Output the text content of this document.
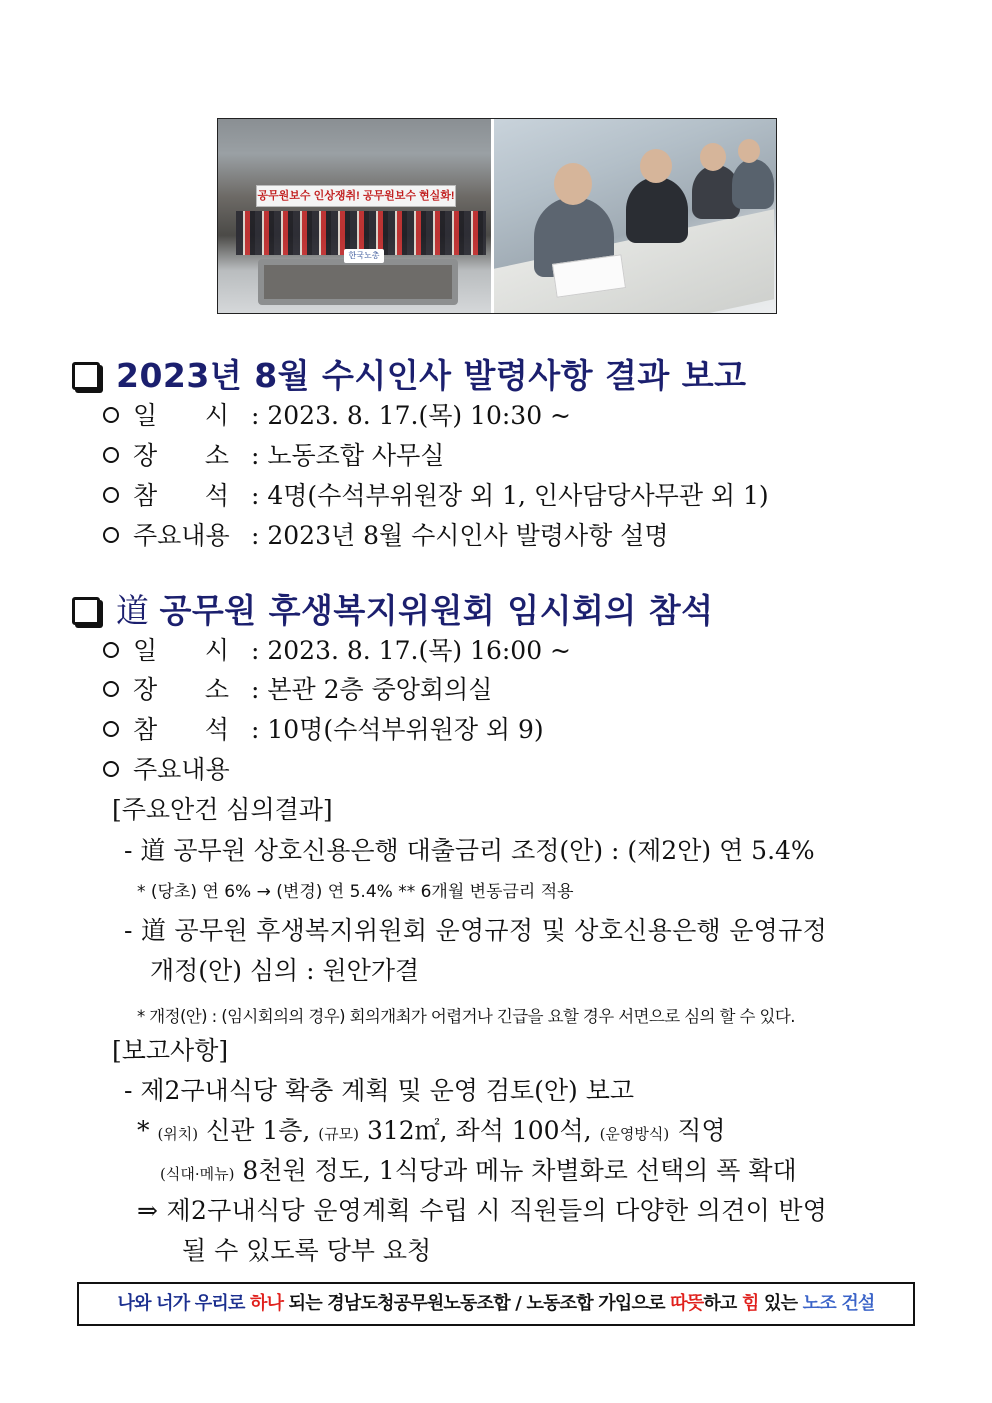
공무원보수 인상쟁취! 공무원보수 현실화!
한국노총
2023년 8월 수시인사 발령사항 결과 보고
일      시 : 2023. 8. 17.(목) 10:30 ~
장      소 : 노동조합 사무실
참      석 : 4명(수석부위원장 외 1, 인사담당사무관 외 1)
주요내용 : 2023년 8월 수시인사 발령사항 설명
道 공무원 후생복지위원회 임시회의 참석
일      시 : 2023. 8. 17.(목) 16:00 ~
장      소 : 본관 2층 중앙회의실
참      석 : 10명(수석부위원장 외 9)
주요내용
[주요안건 심의결과]
- 道 공무원 상호신용은행 대출금리 조정(안) : (제2안) 연 5.4%
* (당초) 연 6% → (변경) 연 5.4% ** 6개월 변동금리 적용
- 道 공무원 후생복지위원회 운영규정 및 상호신용은행 운영규정
개정(안) 심의 : 원안가결
* 개정(안) : (임시회의의 경우) 회의개최가 어렵거나 긴급을 요할 경우 서면으로 심의 할 수 있다.
[보고사항]
- 제2구내식당 확충 계획 및 운영 검토(안) 보고
* (위치) 신관 1층, (규모) 312㎡, 좌석 100석, (운영방식) 직영
(식대·메뉴) 8천원 정도, 1식당과 메뉴 차별화로 선택의 폭 확대
⇒ 제2구내식당 운영계획 수립 시 직원들의 다양한 의견이 반영
될 수 있도록 당부 요청
나와 너가 우리로 하나 되는 경남도청공무원노동조합 / 노동조합 가입으로 따뜻하고 힘 있는 노조 건설
